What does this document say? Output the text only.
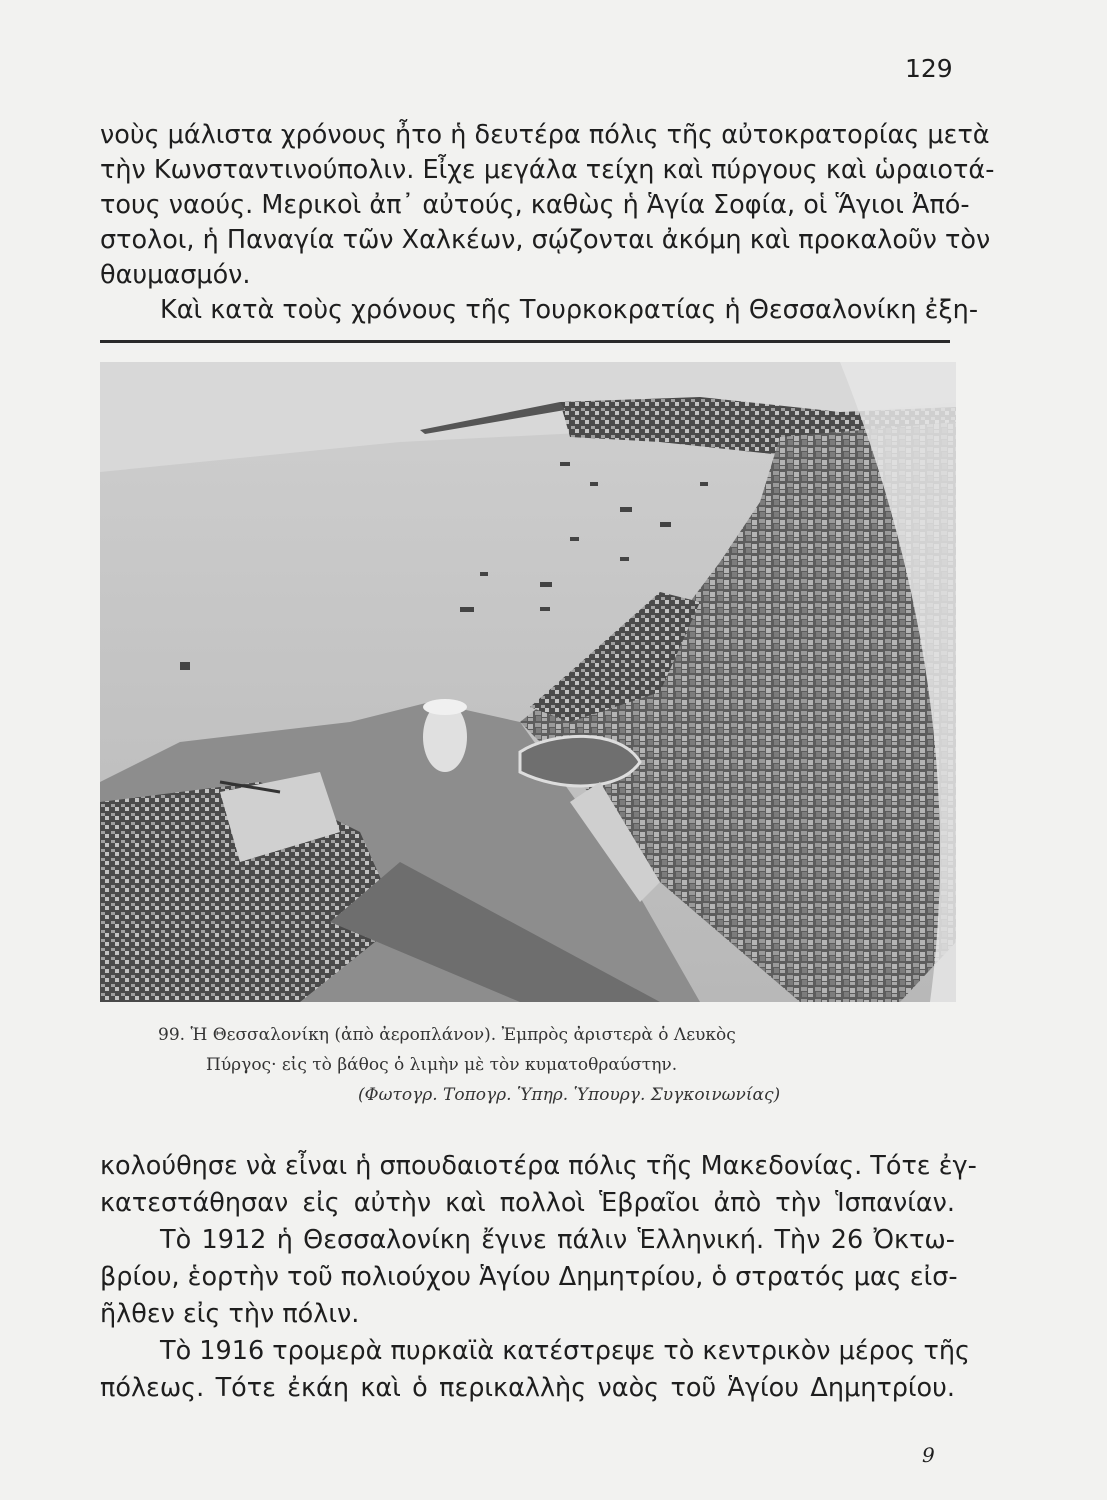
129
νοὺς μάλιστα χρόνους ἦτο ἡ δευτέρα πόλις τῆς αὐτοκρατορίας μετὰ
τὴν Κωνσταντινούπολιν. Εἶχε μεγάλα τείχη καὶ πύργους καὶ ὡραιοτά-
τους ναούς. Μερικοὶ ἀπ᾿ αὐτούς, καθὼς ἡ Ἁγία Σοφία, οἱ Ἅγιοι Ἀπό-
στολοι, ἡ Παναγία τῶν Χαλκέων, σῴζονται ἀκόμη καὶ προκαλοῦν τὸν
θαυμασμόν.
Καὶ κατὰ τοὺς χρόνους τῆς Τουρκοκρατίας ἡ Θεσσαλονίκη ἐξη-
99. Ἡ Θεσσαλονίκη (ἀπὸ ἀεροπλάνον). Ἐμπρὸς ἀριστερὰ ὁ Λευκὸς
Πύργος· εἰς τὸ βάθος ὁ λιμὴν μὲ τὸν κυματοθραύστην.
(Φωτογρ. Τοπογρ. Ὑπηρ. Ὑπουργ. Συγκοινωνίας)
κολούθησε νὰ εἶναι ἡ σπουδαιοτέρα πόλις τῆς Μακεδονίας. Τότε ἐγ-
κατεστάθησαν εἰς αὐτὴν καὶ πολλοὶ Ἑβραῖοι ἀπὸ τὴν Ἱσπανίαν.
Τὸ 1912 ἡ Θεσσαλονίκη ἔγινε πάλιν Ἑλληνική. Τὴν 26 Ὀκτω-
βρίου, ἑορτὴν τοῦ πολιούχου Ἁγίου Δημητρίου, ὁ στρατός μας εἰσ-
ῆλθεν εἰς τὴν πόλιν.
Τὸ 1916 τρομερὰ πυρκαϊὰ κατέστρεψε τὸ κεντρικὸν μέρος τῆς
πόλεως. Τότε ἐκάη καὶ ὁ περικαλλὴς ναὸς τοῦ Ἁγίου Δημητρίου.
9
